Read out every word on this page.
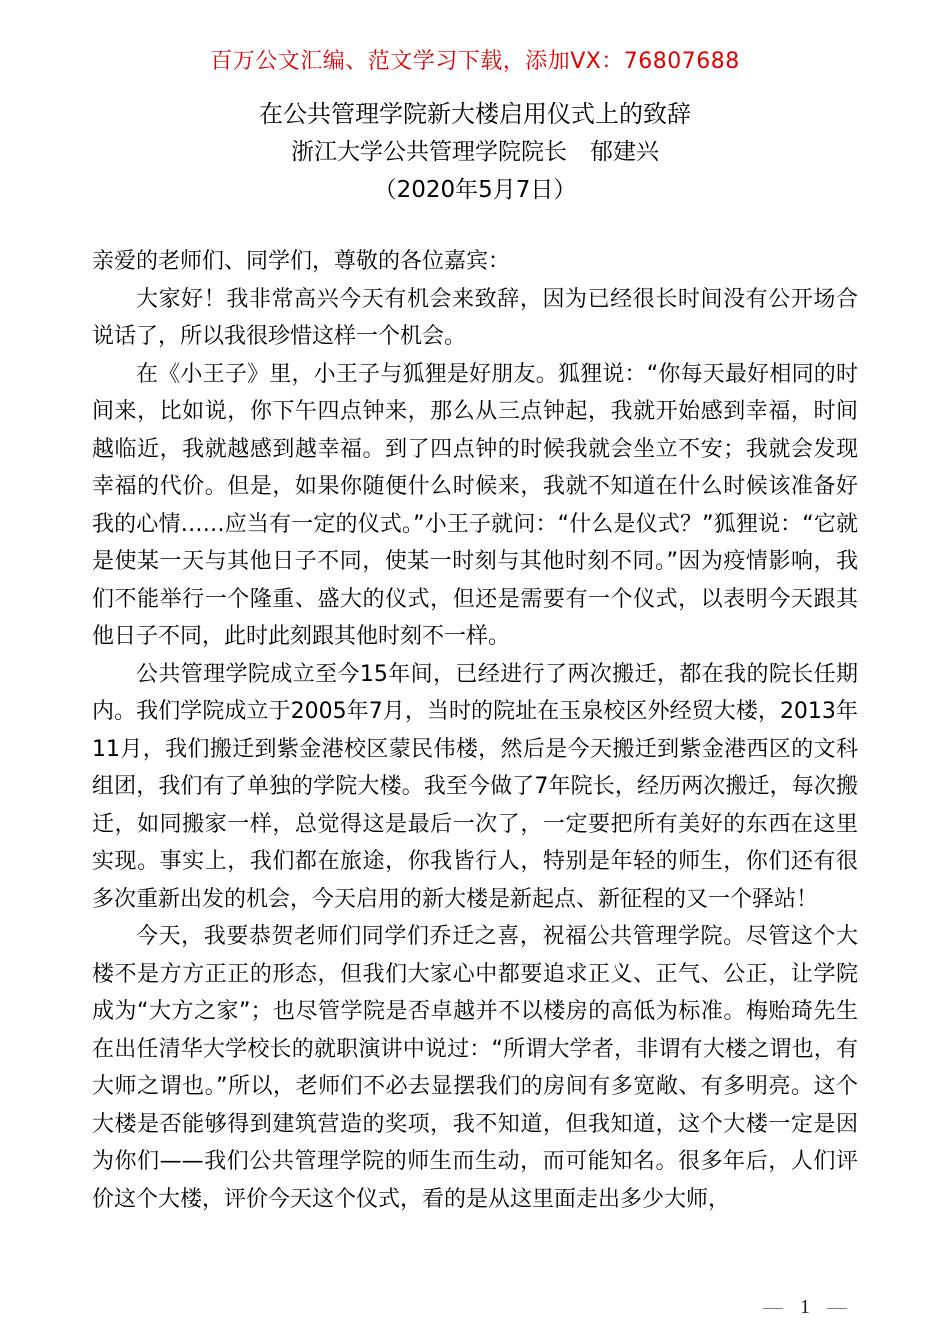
百万公文汇编、范文学习下载，添加VX：76807688
在公共管理学院新大楼启用仪式上的致辞
浙江大学公共管理学院院长　郁建兴
（2020年5月7日）

亲爱的老师们、同学们，尊敬的各位嘉宾：

大家好！我非常高兴今天有机会来致辞，因为已经很长时间没有公开场合说话了，所以我很珍惜这样一个机会。

在《小王子》里，小王子与狐狸是好朋友。狐狸说：“你每天最好相同的时间来，比如说，你下午四点钟来，那么从三点钟起，我就开始感到幸福，时间越临近，我就越感到越幸福。到了四点钟的时候我就会坐立不安；我就会发现幸福的代价。但是，如果你随便什么时候来，我就不知道在什么时候该准备好我的心情……应当有一定的仪式。”小王子就问：“什么是仪式？”狐狸说：“它就是使某一天与其他日子不同，使某一时刻与其他时刻不同。”因为疫情影响，我们不能举行一个隆重、盛大的仪式，但还是需要有一个仪式，以表明今天跟其他日子不同，此时此刻跟其他时刻不一样。

公共管理学院成立至今15年间，已经进行了两次搬迁，都在我的院长任期内。我们学院成立于2005年7月，当时的院址在玉泉校区外经贸大楼，2013年11月，我们搬迁到紫金港校区蒙民伟楼，然后是今天搬迁到紫金港西区的文科组团，我们有了单独的学院大楼。我至今做了7年院长，经历两次搬迁，每次搬迁，如同搬家一样，总觉得这是最后一次了，一定要把所有美好的东西在这里实现。事实上，我们都在旅途，你我皆行人，特别是年轻的师生，你们还有很多次重新出发的机会，今天启用的新大楼是新起点、新征程的又一个驿站！

今天，我要恭贺老师们同学们乔迁之喜，祝福公共管理学院。尽管这个大楼不是方方正正的形态，但我们大家心中都要追求正义、正气、公正，让学院成为“大方之家”；也尽管学院是否卓越并不以楼房的高低为标准。梅贻琦先生在出任清华大学校长的就职演讲中说过：“所谓大学者，非谓有大楼之谓也，有大师之谓也。”所以，老师们不必去显摆我们的房间有多宽敞、有多明亮。这个大楼是否能够得到建筑营造的奖项，我不知道，但我知道，这个大楼一定是因为你们——我们公共管理学院的师生而生动，而可能知名。很多年后，人们评价这个大楼，评价今天这个仪式，看的是从这里面走出多少大师，

— 1 —
